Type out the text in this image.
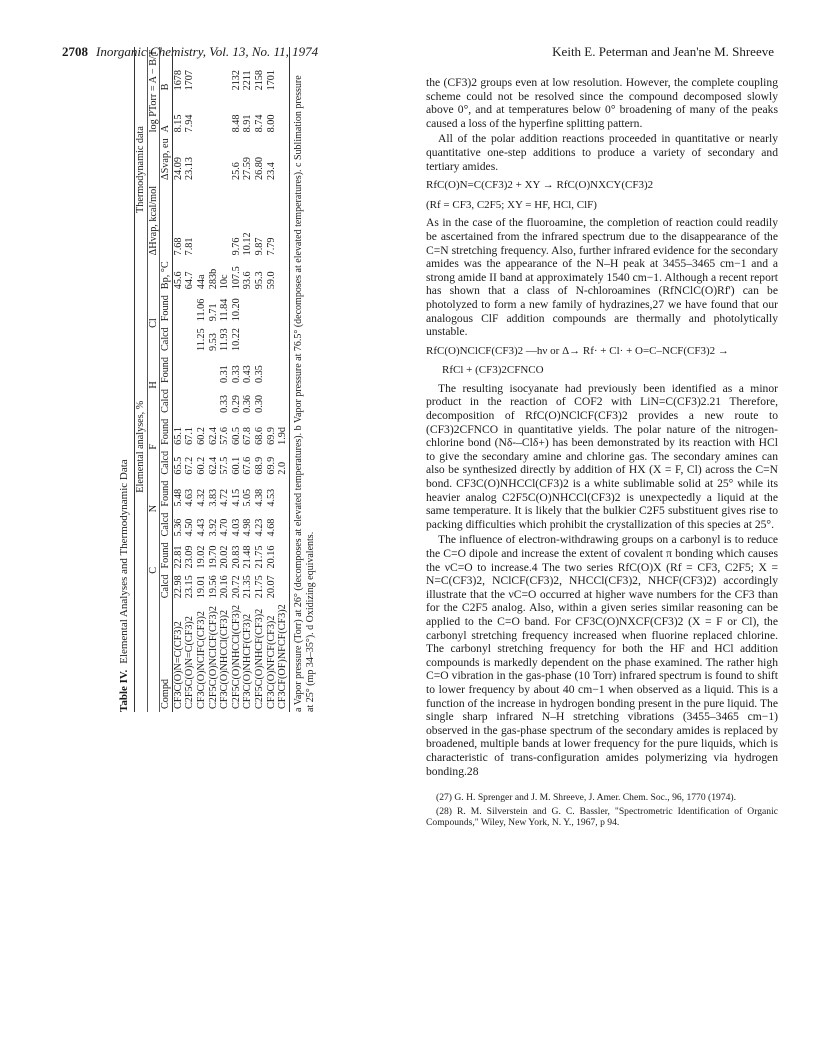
2708 Inorganic Chemistry, Vol. 13, No. 11, 1974	Keith E. Peterman and Jean'ne M. Shreeve
Table IV.Elemental Analyses and Thermodynamic Data
	Elemental analyses, %										Thermodynamic data				
	C		N		F		H		Cl			ΔHvap, kcal/mol		log PTorr = A − B/T	
Compd	Calcd	Found	Calcd	Found	Calcd	Found	Calcd	Found	Calcd	Found	Bp, °C		ΔSvap, eu	A	B
CF3C(O)N=C(CF3)2	22.98	22.81	5.36	5.48	65.5	65.1					45.6	7.68	24.09	8.15	1678
C2F5C(O)N=C(CF3)2	23.15	23.09	4.50	4.63	67.2	67.1					64.7	7.81	23.13	7.94	1707
CF3C(O)NCIFC(CF3)2	19.01	19.02	4.43	4.32	60.2	60.2			11.25	11.06	44a				
C2F5C(O)NCICF(CF3)2	19.56	19.70	3.92	3.83	62.4	62.4			9.53	9.71	283b				
CF3C(O)NHCCl(CF3)2	20.16	20.02	4.70	4.72	57.5	57.6	0.33	0.31	11.93	11.84	10c				
C2F5C(O)NHCCl(CF3)2	20.72	20.83	4.03	4.15	60.1	60.5	0.29	0.33	10.22	10.20	107.5	9.76	25.6	8.48	2132
CF3C(O)NHCF(CF3)2	21.35	21.48	4.98	5.05	67.6	67.8	0.36	0.43			93.6	10.12	27.59	8.91	2211
C2F5C(O)NHCF(CF3)2	21.75	21.75	4.23	4.38	68.9	68.6	0.30	0.35			95.3	9.87	26.80	8.74	2158
CF3C(O)NFCF(CF3)2	20.07	20.16	4.68	4.53	69.9	69.9					59.0	7.79	23.4	8.00	1701
CF3CF(OF)NFCF(CF3)2					2.0	1.9d									a Vapor pressure (Torr) at 26° (decomposes at elevated temperatures). b Vapor pressure at 76.5° (decomposes at elevated temperatures). c Sublimation pressure at 25° (mp 34–35°). d Oxidizing equivalents.

the (CF3)2 groups even at low resolution. However, the complete coupling scheme could not be resolved since the compound decomposed slowly above 0°, and at temperatures below 0° broadening of many of the peaks caused a loss of the hyperfine splitting pattern.

All of the polar addition reactions proceeded in quantitative or nearly quantitative one-step additions to produce a variety of secondary and tertiary amides.

RfC(O)N=C(CF3)2 + XY → RfC(O)NXCY(CF3)2
(Rf = CF3, C2F5; XY = HF, HCl, ClF)

As in the case of the fluoroamine, the completion of reaction could readily be ascertained from the infrared spectrum due to the disappearance of the C=N stretching frequency. Also, further infrared evidence for the secondary amides was the appearance of the N–H peak at 3455–3465 cm−1 and a strong amide II band at approximately 1540 cm−1. Although a recent report has shown that a class of N-chloroamines (RfNClC(O)Rf') can be photolyzed to form a new family of hydrazines,27 we have found that our analogous ClF addition compounds are thermally and photolytically unstable.

RfC(O)NClCF(CF3)2 —hν or Δ→ Rf· + Cl· + O=C–NCF(CF3)2 →
RfCl + (CF3)2CFNCO

The resulting isocyanate had previously been identified as a minor product in the reaction of COF2 with LiN=C(CF3)2.21 Therefore, decomposition of RfC(O)NClCF(CF3)2 provides a new route to (CF3)2CFNCO in quantitative yields. The polar nature of the nitrogen-chlorine bond (Nδ-–Clδ+) has been demonstrated by its reaction with HCl to give the secondary amine and chlorine gas. The secondary amines can also be synthesized directly by addition of HX (X = F, Cl) across the C=N bond. CF3C(O)NHCCl(CF3)2 is a white sublimable solid at 25° while its heavier analog C2F5C(O)NHCCl(CF3)2 is unexpectedly a liquid at the same temperature. It is likely that the bulkier C2F5 substituent gives rise to packing difficulties which prohibit the crystallization of this species at 25°.

The influence of electron-withdrawing groups on a carbonyl is to reduce the C=O dipole and increase the extent of covalent π bonding which causes the νC=O to increase.4 The two series RfC(O)X (Rf = CF3, C2F5; X = N=C(CF3)2, NClCF(CF3)2, NHCCl(CF3)2, NHCF(CF3)2) accordingly illustrate that the νC=O occurred at higher wave numbers for the CF3 than for the C2F5 analog. Also, within a given series similar reasoning can be applied to the C=O band. For CF3C(O)NXCF(CF3)2 (X = F or Cl), the carbonyl stretching frequency increased when fluorine replaced chlorine. The carbonyl stretching frequency for both the HF and HCl addition compounds is markedly dependent on the phase examined. The rather high C=O vibration in the gas-phase (10 Torr) infrared spectrum is found to shift to lower frequency by about 40 cm−1 when observed as a liquid. This is a function of the increase in hydrogen bonding present in the pure liquid. The single sharp infrared N–H stretching vibrations (3455–3465 cm−1) observed in the gas-phase spectrum of the secondary amides is replaced by broadened, multiple bands at lower frequency for the pure liquids, which is characteristic of trans-configuration amides polymerizing via hydrogen bonding.28

(27) G. H. Sprenger and J. M. Shreeve, J. Amer. Chem. Soc., 96, 1770 (1974).

(28) R. M. Silverstein and G. C. Bassler, "Spectrometric Identification of Organic Compounds," Wiley, New York, N. Y., 1967, p 94.
